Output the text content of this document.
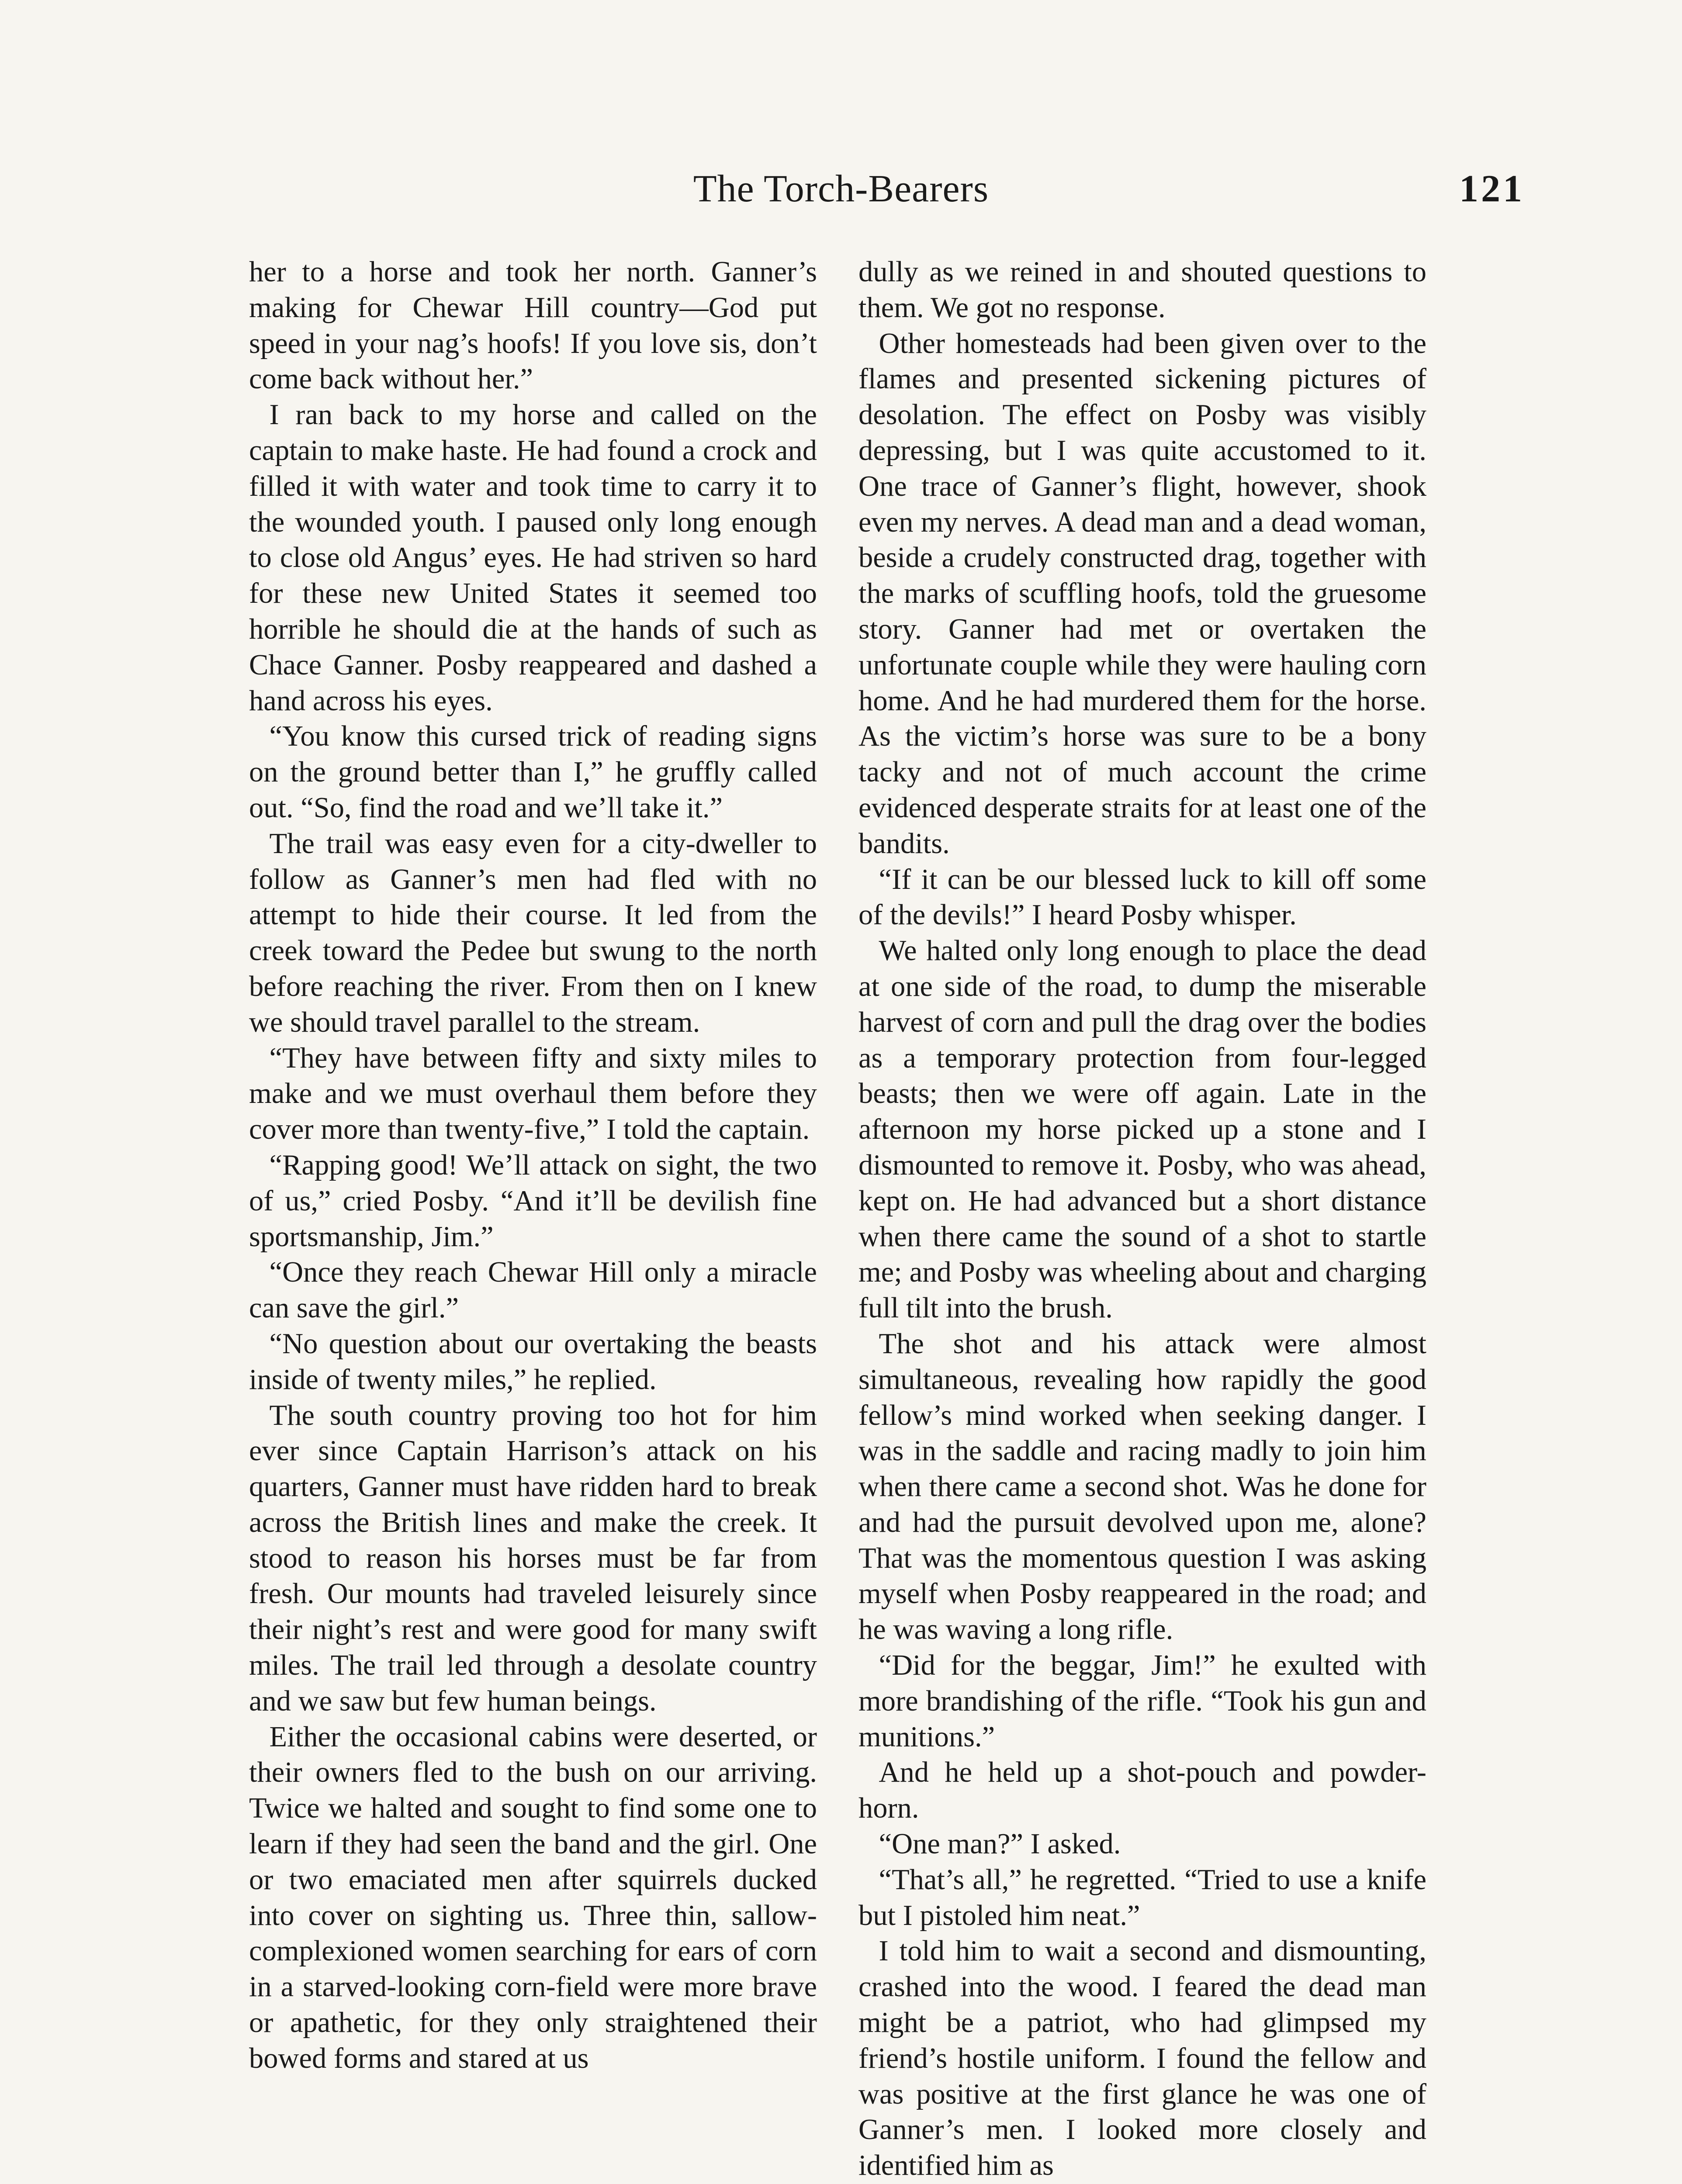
The Torch-Bearers	121

her to a horse and took her north. Ganner’s making for Chewar Hill country—God put speed in your nag’s hoofs! If you love sis, don’t come back without her.”

I ran back to my horse and called on the captain to make haste. He had found a crock and filled it with water and took time to carry it to the wounded youth. I paused only long enough to close old Angus’ eyes. He had striven so hard for these new United States it seemed too horrible he should die at the hands of such as Chace Ganner. Posby reappeared and dashed a hand across his eyes.

“You know this cursed trick of reading signs on the ground better than I,” he gruffly called out. “So, find the road and we’ll take it.”

The trail was easy even for a city-dweller to follow as Ganner’s men had fled with no attempt to hide their course. It led from the creek toward the Pedee but swung to the north before reaching the river. From then on I knew we should travel parallel to the stream.

“They have between fifty and sixty miles to make and we must overhaul them before they cover more than twenty-five,” I told the captain.

“Rapping good! We’ll attack on sight, the two of us,” cried Posby. “And it’ll be devilish fine sportsmanship, Jim.”

“Once they reach Chewar Hill only a miracle can save the girl.”

“No question about our overtaking the beasts inside of twenty miles,” he replied.

The south country proving too hot for him ever since Captain Harrison’s attack on his quarters, Ganner must have ridden hard to break across the British lines and make the creek. It stood to reason his horses must be far from fresh. Our mounts had traveled leisurely since their night’s rest and were good for many swift miles. The trail led through a desolate country and we saw but few human beings.

Either the occasional cabins were deserted, or their owners fled to the bush on our arriving. Twice we halted and sought to find some one to learn if they had seen the band and the girl. One or two emaciated men after squirrels ducked into cover on sighting us. Three thin, sallow-complexioned women searching for ears of corn in a starved-looking corn-field were more brave or apathetic, for they only straightened their bowed forms and stared at us

dully as we reined in and shouted questions to them. We got no response.

Other homesteads had been given over to the flames and presented sickening pictures of desolation. The effect on Posby was visibly depressing, but I was quite accustomed to it. One trace of Ganner’s flight, however, shook even my nerves. A dead man and a dead woman, beside a crudely constructed drag, together with the marks of scuffling hoofs, told the gruesome story. Ganner had met or overtaken the unfortunate couple while they were hauling corn home. And he had murdered them for the horse. As the victim’s horse was sure to be a bony tacky and not of much account the crime evidenced desperate straits for at least one of the bandits.

“If it can be our blessed luck to kill off some of the devils!” I heard Posby whisper.

We halted only long enough to place the dead at one side of the road, to dump the miserable harvest of corn and pull the drag over the bodies as a temporary protection from four-legged beasts; then we were off again. Late in the afternoon my horse picked up a stone and I dismounted to remove it. Posby, who was ahead, kept on. He had advanced but a short distance when there came the sound of a shot to startle me; and Posby was wheeling about and charging full tilt into the brush.

The shot and his attack were almost simultaneous, revealing how rapidly the good fellow’s mind worked when seeking danger. I was in the saddle and racing madly to join him when there came a second shot. Was he done for and had the pursuit devolved upon me, alone? That was the momentous question I was asking myself when Posby reappeared in the road; and he was waving a long rifle.

“Did for the beggar, Jim!” he exulted with more brandishing of the rifle. “Took his gun and munitions.”

And he held up a shot-pouch and powder-horn.

“One man?” I asked.

“That’s all,” he regretted. “Tried to use a knife but I pistoled him neat.”

I told him to wait a second and dismounting, crashed into the wood. I feared the dead man might be a patriot, who had glimpsed my friend’s hostile uniform. I found the fellow and was positive at the first glance he was one of Ganner’s men. I looked more closely and identified him as
